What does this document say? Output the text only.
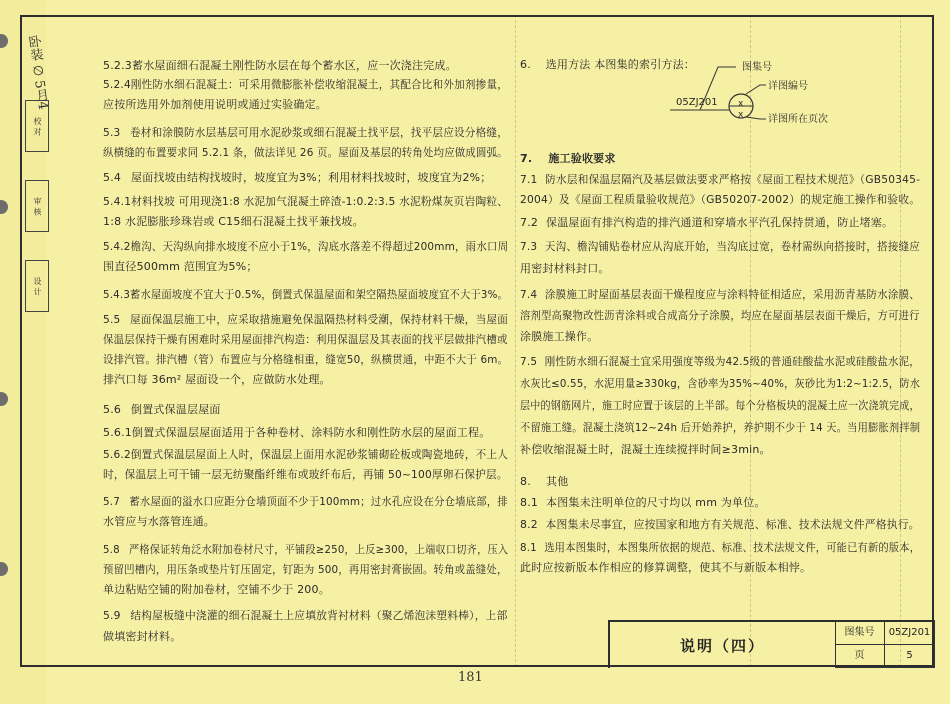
校 对
审 核
设 计
卧装 ∅ 5月4	5.2.3蓄水屋面细石混凝土刚性防水层在每个蓄水区，应一次浇注完成。
5.2.4刚性防水细石混凝土：可采用微膨胀补偿收缩混凝土，其配合比和外加剂掺量，
应按所选用外加剂使用说明或通过实验确定。
5.3 卷材和涂膜防水层基层可用水泥砂浆或细石混凝土找平层，找平层应设分格缝，
纵横缝的布置要求同 5.2.1 条，做法详见 26 页。屋面及基层的转角处均应做成圆弧。
5.4 屋面找坡由结构找坡时，坡度宜为3%；利用材料找坡时，坡度宜为2%；
5.4.1材料找坡 可用现浇1:8 水泥加气混凝土碎渣-1:0.2:3.5 水泥粉煤灰页岩陶粒、
1:8 水泥膨胀珍珠岩或 C15细石混凝土找平兼找坡。
5.4.2檐沟、天沟纵向排水坡度不应小于1%，沟底水落差不得超过200mm，雨水口周
围直径500mm 范围宜为5%；
5.4.3蓄水屋面坡度不宜大于0.5%，倒置式保温屋面和架空隔热屋面坡度宜不大于3%。
5.5 屋面保温层施工中，应采取措施避免保温隔热材料受潮，保持材料干燥，当屋面
保温层保持干燥有困难时采用屋面排汽构造：利用保温层及其表面的找平层做排汽槽或
设排汽管。排汽槽（管）布置应与分格缝相重，缝宽50，纵横贯通，中距不大于 6m。
排汽口每 36m² 屋面设一个，应做防水处理。
5.6 倒置式保温层屋面
5.6.1倒置式保温层屋面适用于各种卷材、涂料防水和刚性防水层的屋面工程。
5.6.2倒置式保温层屋面上人时，保温层上面用水泥砂浆铺砌砼板或陶瓷地砖，不上人
时，保温层上可干铺一层无纺聚酯纤维布或玻纤布后，再铺 50~100厚卵石保护层。
5.7 蓄水屋面的溢水口应距分仓墙顶面不少于100mm；过水孔应设在分仓墙底部，排
水管应与水落管连通。
5.8 严格保证转角泛水附加卷材尺寸，平铺段≥250，上反≥300，上端収口切齐，压入
预留凹槽内，用压条或垫片钉压固定，钉距为 500，再用密封膏嵌固。转角或盖缝处，
单边粘贴空铺的附加卷材，空铺不少于 200。
5.9 结构屋板缝中浇灌的细石混凝土上应填放背衬材料（聚乙烯泡沫塑料棒），上部
做填密封材料。
6. 选用方法 本图集的索引方法：	图集号
详图编号
详图所在页次
05ZJ201 x
x
7. 施工验收要求
7.1 防水层和保温层隔汽及基层做法要求严格按《屋面工程技术规范》（GB50345-
2004）及《屋面工程质量验收规范》（GB50207-2002）的规定施工操作和验收。
7.2 保温屋面有排汽构造的排汽通道和穿墙水平汽孔保持贯通，防止堵塞。
7.3 天沟、檐沟铺贴卷材应从沟底开始，当沟底过宽，卷材需纵向搭接时，搭接缝应
用密封材料封口。
7.4 涂膜施工时屋面基层表面干燥程度应与涂料特征相适应，采用沥青基防水涂膜、
溶剂型高聚物改性沥青涂料或合成高分子涂膜，均应在屋面基层表面干燥后，方可进行
涂膜施工操作。
7.5 刚性防水细石混凝土宜采用强度等级为42.5级的普通硅酸盐水泥或硅酸盐水泥，
水灰比≤0.55，水泥用量≥330kg，含砂率为35%~40%，灰砂比为1:2~1:2.5，防水
层中的钢筋网片，施工时应置于该层的上半部。每个分格板块的混凝土应一次浇筑完成，
不留施工缝。混凝土浇筑12~24h 后开始养护，养护期不少于 14 天。当用膨胀剂拌制
补偿收缩混凝土时，混凝土连续搅拌时间≥3min。
8. 其他
8.1 本图集未注明单位的尺寸均以 mm 为单位。
8.2 本图集未尽事宜，应按国家和地方有关规范、标准、技术法规文件严格执行。
8.1 选用本图集时，本图集所依据的规范、标准、技术法规文件，可能已有新的版本，
此时应按新版本作相应的修算调整，使其不与新版本相悖。
说明（四）
图集号	05ZJ201
页	5
181
